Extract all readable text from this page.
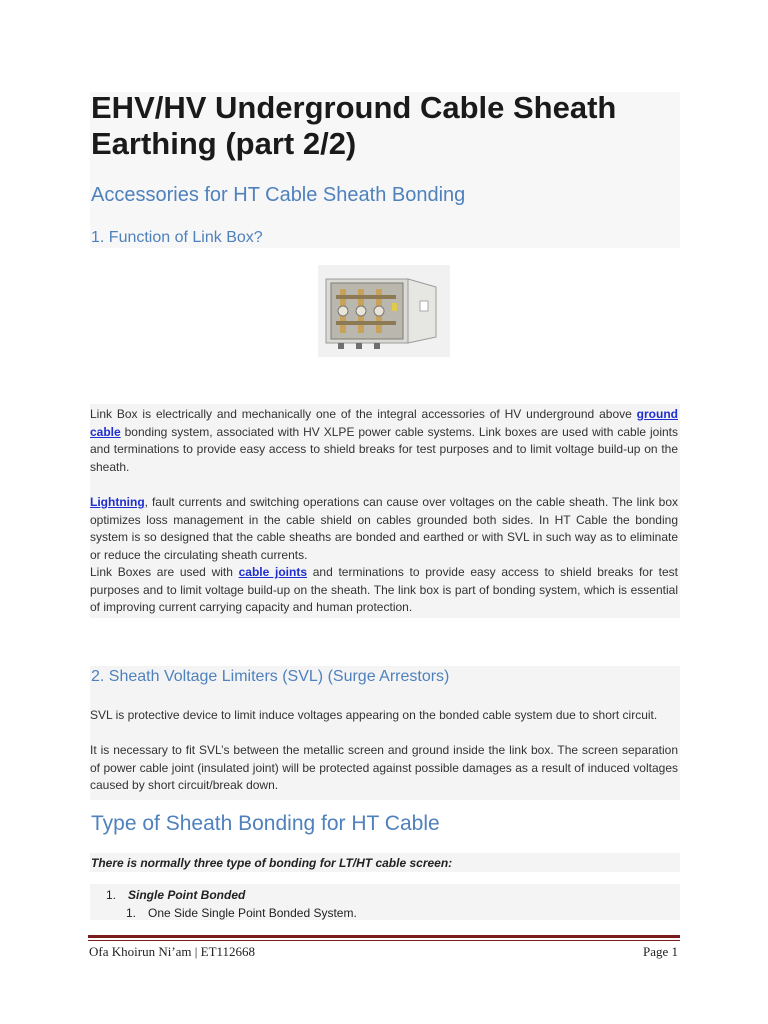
EHV/HV Underground Cable Sheath Earthing (part 2/2)
Accessories for HT Cable Sheath Bonding
1. Function of Link Box?

Link Box is electrically and mechanically one of the integral accessories of HV underground above ground cable bonding system, associated with HV XLPE power cable systems. Link boxes are used with cable joints and terminations to provide easy access to shield breaks for test purposes and to limit voltage build-up on the sheath.

Lightning, fault currents and switching operations can cause over voltages on the cable sheath. The link box optimizes loss management in the cable shield on cables grounded both sides. In HT Cable the bonding system is so designed that the cable sheaths are bonded and earthed or with SVL in such way as to eliminate or reduce the circulating sheath currents.

Link Boxes are used with cable joints and terminations to provide easy access to shield breaks for test purposes and to limit voltage build-up on the sheath. The link box is part of bonding system, which is essential of improving current carrying capacity and human protection.

2. Sheath Voltage Limiters (SVL) (Surge Arrestors)

SVL is protective device to limit induce voltages appearing on the bonded cable system due to short circuit.

It is necessary to fit SVL’s between the metallic screen and ground inside the link box. The screen separation of power cable joint (insulated joint) will be protected against possible damages as a result of induced voltages caused by short circuit/break down.

Type of Sheath Bonding for HT Cable
There is normally three type of bonding for LT/HT cable screen:
1. Single Point Bonded
1. One Side Single Point Bonded System.
Ofa Khoirun Ni’am | ET112668	Page 1
